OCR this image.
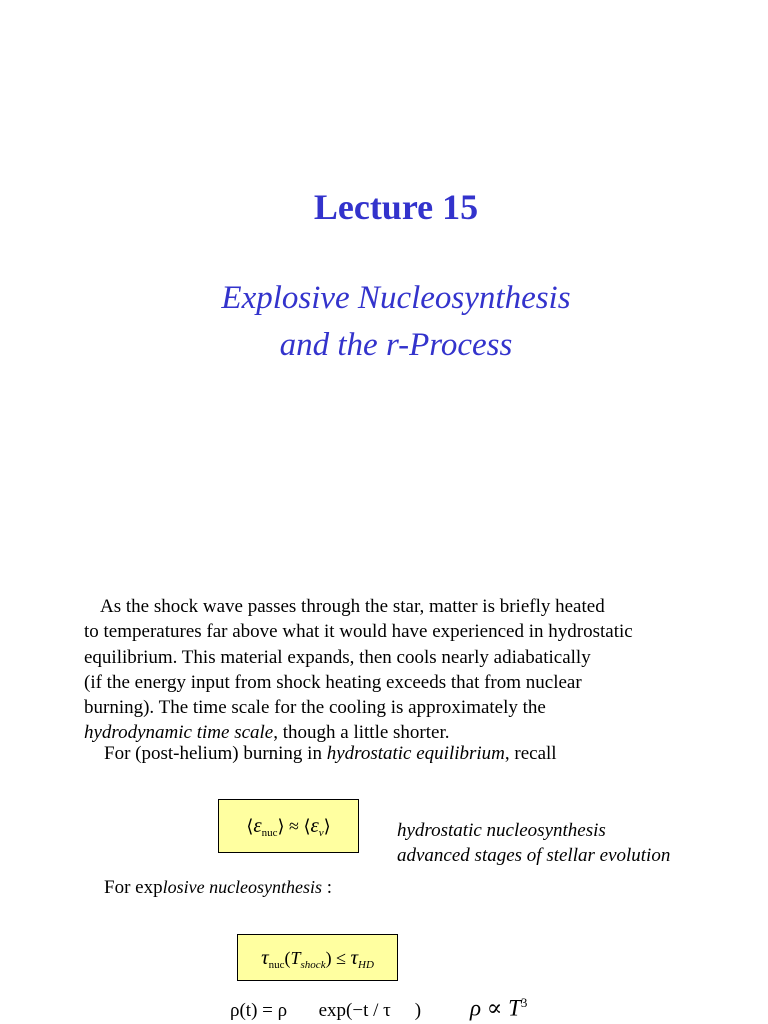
Lecture 15
Explosive Nucleosynthesis
and the r-Process
As the shock wave passes through the star, matter is briefly heated
to temperatures far above what it would have experienced in hydrostatic
equilibrium. This material expands, then cools nearly adiabatically
(if the energy input from shock heating exceeds that from nuclear
burning). The time scale for the cooling is approximately the
hydrodynamic time scale, though a little shorter.
For (post-helium) burning in hydrostatic equilibrium, recall
$⟨\varepsilon_{nuc}⟩$ ≈ $⟨\varepsilon_\nu⟩$	hydrostatic nucleosynthesis
advanced stages of stellar evolution
For explosive nucleosynthesis :
$\tau_{nuc}(T_{shock}) \le \tau_{HD}$
ρ(t) = ρ exp(−t / τ ) $\rho \propto T^3$
